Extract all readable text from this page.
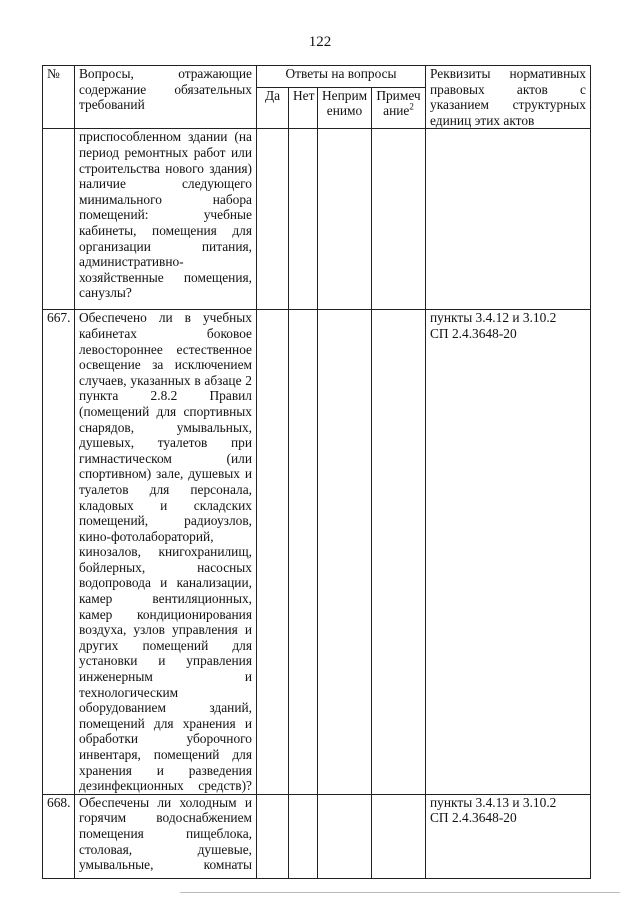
122
№	Вопросы, отражающие содержание обязательных требований	Ответы на вопросы				Реквизиты нормативных правовых актов с указанием структурных единиц этих актов
		Да	Нет	Неприм енимо	Примеч ание$^2$
	приспособленном здании (на период ремонтных работ или строительства нового здания) наличие следующего минимального набора помещений: учебные кабинеты, помещения для организации питания, административно-хозяйственные помещения, санузлы?					

667.	Обеспечено ли в учебных кабинетах боковое левостороннее естественное освещение за исключением случаев, указанных в абзаце 2 пункта 2.8.2 Правил (помещений для спортивных снарядов, умывальных, душевых, туалетов при гимнастическом (или спортивном) зале, душевых и туалетов для персонала, кладовых и складских помещений, радиоузлов, кино-фотолабораторий, кинозалов, книгохранилищ, бойлерных, насосных водопровода и канализации, камер вентиляционных, камер кондиционирования воздуха, узлов управления и других помещений для установки и управления инженерным и технологическим оборудованием зданий, помещений для хранения и обработки уборочного инвентаря, помещений для хранения и разведения дезинфекционных средств)?					пункты 3.4.12 и 3.10.2
СП 2.4.3648-20

668.	Обеспечены ли холодным и горячим водоснабжением помещения пищеблока, столовая, душевые, умывальные, комнаты					пункты 3.4.13 и 3.10.2
СП 2.4.3648-20
